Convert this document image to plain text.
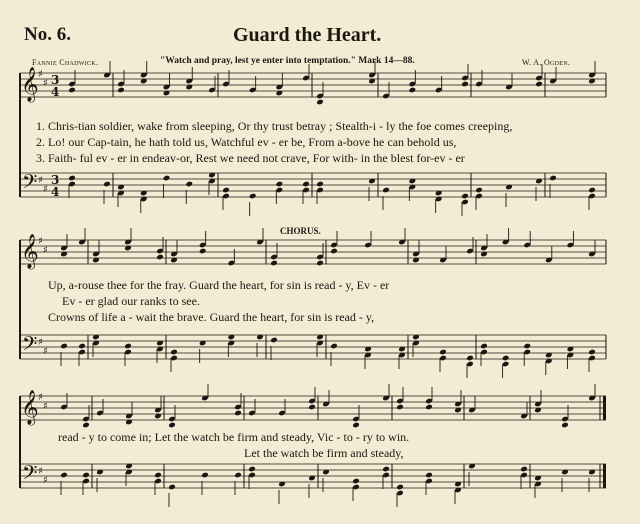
No. 6.	Guard the Heart.
Fannie Chadwick.	"Watch and pray, lest ye enter into temptation." Mark 14—88.	W. A. Ogden.
𝄞 ♯
♯ 3
4
𝄢 ♯
♯
3
4
𝄞 ♯
♯
𝄢 ♯
♯
𝄞 ♯
♯
𝄢 ♯
♯
1. Chris-tian soldier, wake from sleeping, Or thy trust betray ; Stealth-i - ly the foe comes creeping,
2. Lo! our Cap-tain, he hath told us, Watchful ev - er be, From a-bove he can behold us,
3. Faith- ful ev - er in endeav-or, Rest we need not crave, For with- in the blest for-ev - er
CHORUS.
Up, a-rouse thee for the fray. Guard the heart, for sin is read - y, Ev - er
Ev - er glad our ranks to see.
Crowns of life a - wait the brave. Guard the heart, for sin is read - y,
read - y to come in; Let the watch be firm and steady, Vic - to - ry to win.
Let the watch be firm and steady,
